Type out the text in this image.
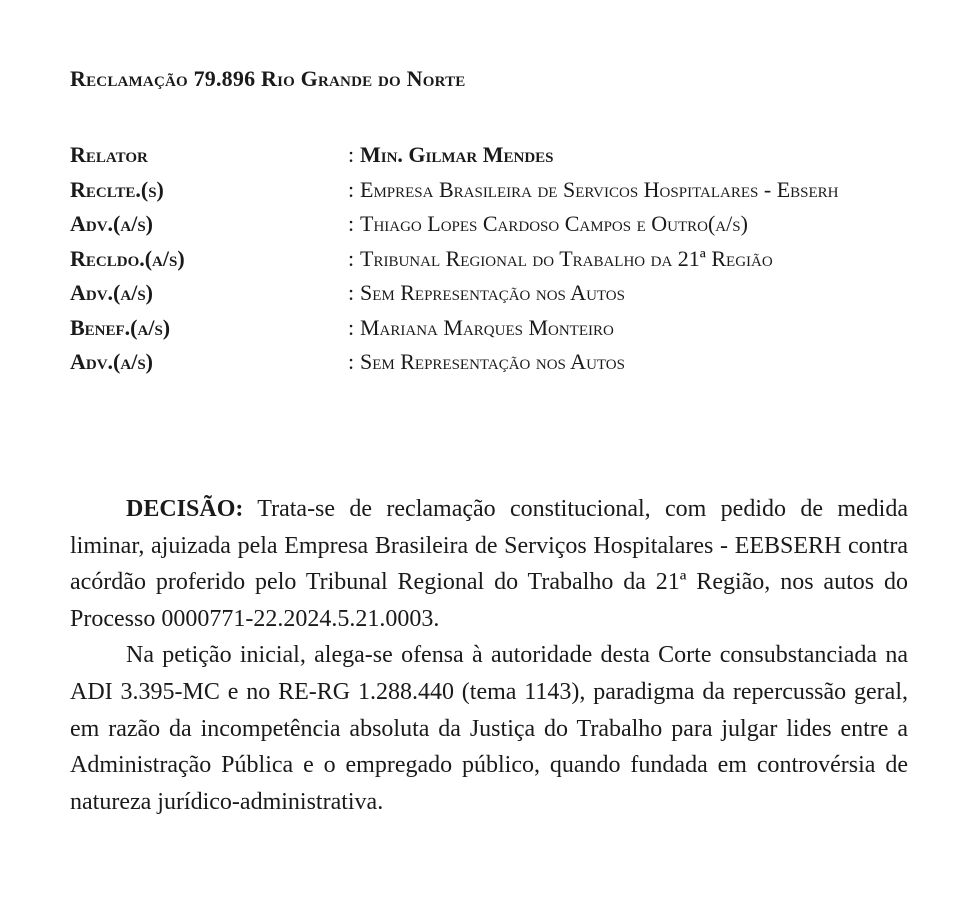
Reclamação 79.896 Rio Grande do Norte
Relator	: Min. Gilmar Mendes
Reclte.(s)	: Empresa Brasileira de Servicos Hospitalares - Ebserh
Adv.(a/s)	: Thiago Lopes Cardoso Campos e Outro(a/s)
Recldo.(a/s)	: Tribunal Regional do Trabalho da 21ª Região
Adv.(a/s)	: Sem Representação nos Autos
Benef.(a/s)	: Mariana Marques Monteiro
Adv.(a/s)	: Sem Representação nos Autos

DECISÃO: Trata-se de reclamação constitucional, com pedido de medida liminar, ajuizada pela Empresa Brasileira de Serviços Hospitalares - EEBSERH contra acórdão proferido pelo Tribunal Regional do Trabalho da 21ª Região, nos autos do Processo 0000771-22.2024.5.21.0003.

Na petição inicial, alega-se ofensa à autoridade desta Corte consubstanciada na ADI 3.395-MC e no RE-RG 1.288.440 (tema 1143), paradigma da repercussão geral, em razão da incompetência absoluta da Justiça do Trabalho para julgar lides entre a Administração Pública e o empregado público, quando fundada em controvérsia de natureza jurídico-administrativa.
